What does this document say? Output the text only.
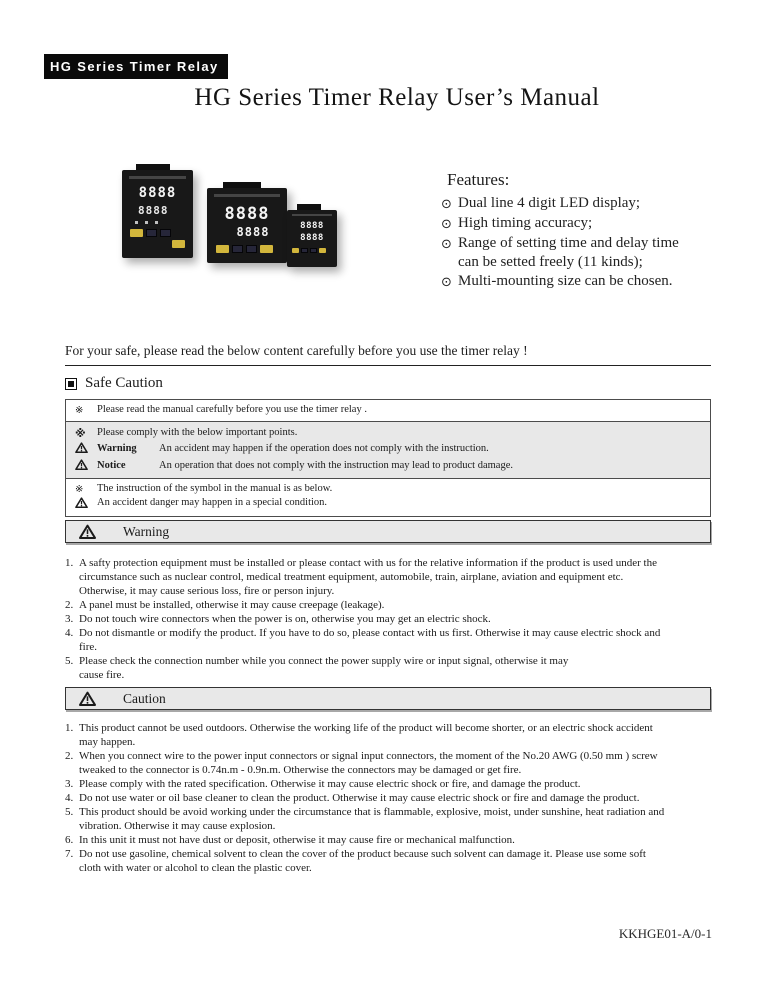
HG Series Timer Relay
HG Series Timer Relay User’s Manual
8888
8888	8888
8888	8888
8888
Features:
⊙ Dual line 4 digit LED display;
⊙ High timing accuracy;
⊙ Range of setting time and delay time
can be setted freely (11 kinds);
⊙ Multi-mounting size can be chosen.
For your safe, please read the below content carefully before you use the timer relay !
Safe Caution
※	Please read the manual carefully before you use the timer relay .
※	Please comply with the below important points.
Warning	An accident may happen if the operation does not comply with the instruction.
Notice	An operation that does not comply with the instruction may lead to product damage.
※	The instruction of the symbol in the manual is as below.
An accident danger may happen in a special condition.
Warning
1. A safty protection equipment must be installed or please contact with us for the relative information if the product is used under the
circumstance such as nuclear control, medical treatment equipment, automobile, train, airplane, aviation and equipment etc.
Otherwise, it may cause serious loss, fire or person injury.
2. A panel must be installed, otherwise it may cause creepage (leakage).
3. Do not touch wire connectors when the power is on, otherwise you may get an electric shock.
4. Do not dismantle or modify the product. If you have to do so, please contact with us first. Otherwise it may cause electric shock and
fire.
5. Please check the connection number while you connect the power supply wire or input signal, otherwise it may
cause fire.
Caution
1. This product cannot be used outdoors. Otherwise the working life of the product will become shorter, or an electric shock accident
may happen.
2. When you connect wire to the power input connectors or signal input connectors, the moment of the No.20 AWG (0.50 mm ) screw
tweaked to the connector is 0.74n.m - 0.9n.m. Otherwise the connectors may be damaged or get fire.
3. Please comply with the rated specification. Otherwise it may cause electric shock or fire, and damage the product.
4. Do not use water or oil base cleaner to clean the product. Otherwise it may cause electric shock or fire and damage the product.
5. This product should be avoid working under the circumstance that is flammable, explosive, moist, under sunshine, heat radiation and
vibration. Otherwise it may cause explosion.
6. In this unit it must not have dust or deposit, otherwise it may cause fire or mechanical malfunction.
7. Do not use gasoline, chemical solvent to clean the cover of the product because such solvent can damage it. Please use some soft
cloth with water or alcohol to clean the plastic cover.
KKHGE01-A/0-1
